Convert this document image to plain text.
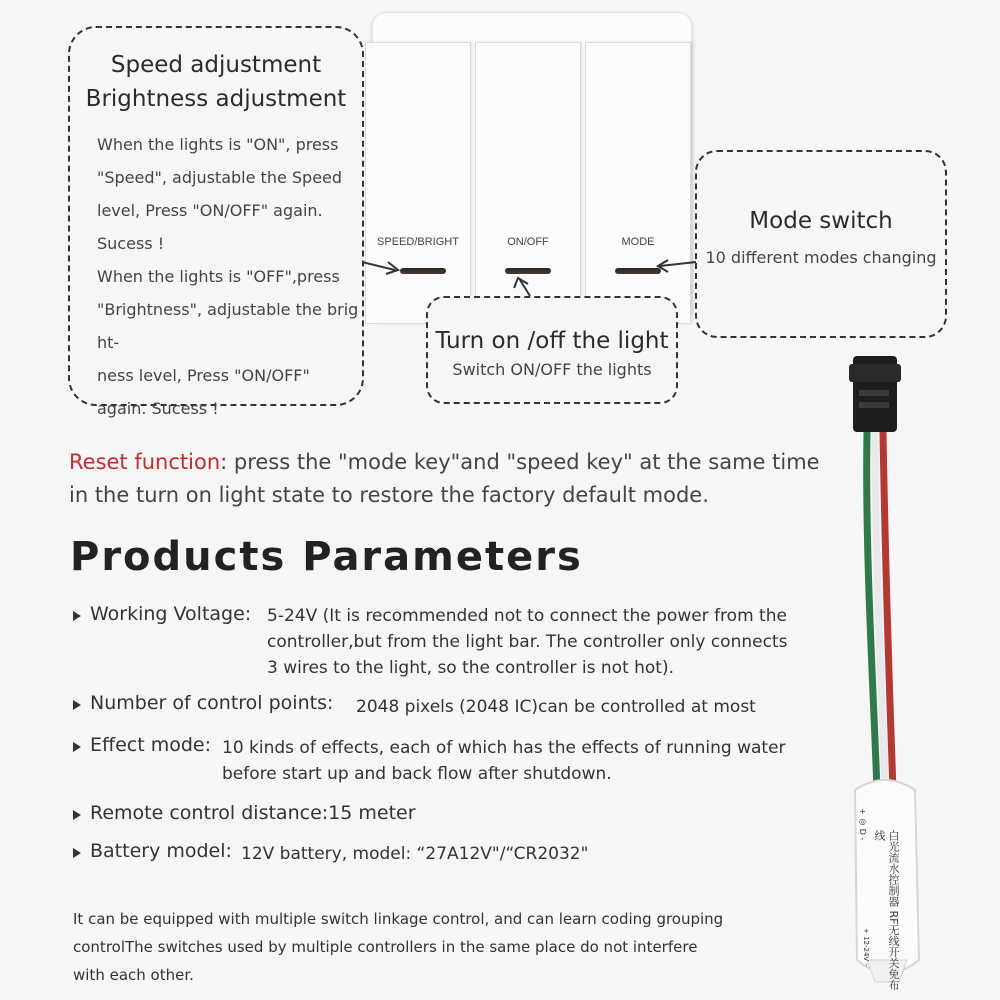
Speed adjustment
Brightness adjustment
When the lights is "ON", press
"Speed", adjustable the Speed
level, Press "ON/OFF" again.
Sucess !
When the lights is "OFF",press
"Brightness", adjustable the brig ht-
ness level, Press "ON/OFF"
again. Sucess !
Mode switch
10 different modes changing
SPEED/BRIGHT	ON/OFF	MODE
Turn on /off the light
Switch ON/OFF the lights
Reset function: press the "mode key"and "speed key" at the same time
in the turn on light state to restore the factory default mode.
Products Parameters
Working Voltage: 5-24V (It is recommended not to connect the power from the
controller,but from the light bar. The controller only connects
3 wires to the light, so the controller is not hot).
Number of control points: 2048 pixels (2048 IC)can be controlled at most
Effect mode: 10 kinds of effects, each of which has the effects of running water
before start up and back flow after shutdown.
Remote control distance:15 meter
Battery model: 12V battery, model: “27A12V"/“CR2032"
It can be equipped with multiple switch linkage control, and can learn coding grouping
controlThe switches used by multiple controllers in the same place do not interfere
with each other.
+ ◎ D -
白光流水控制器 RF无线开关免布线
+ 12-24V -
